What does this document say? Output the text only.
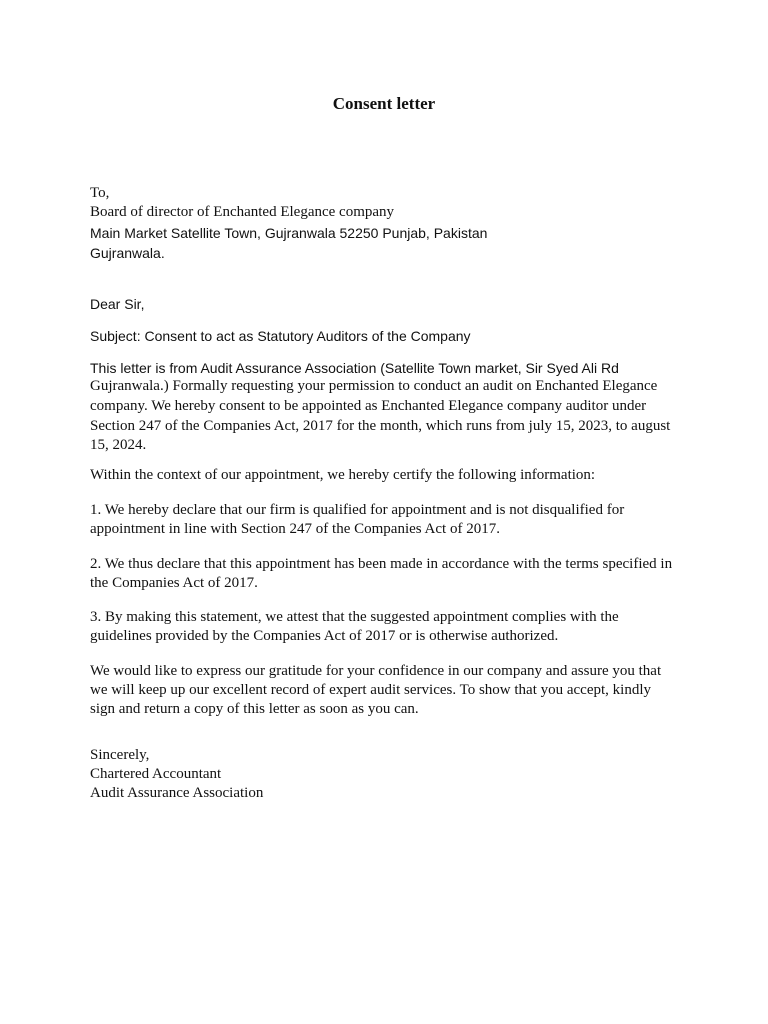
Consent letter
To,
Board of director of Enchanted Elegance company
Main Market Satellite Town, Gujranwala 52250 Punjab, Pakistan
Gujranwala.
Dear Sir,
Subject: Consent to act as Statutory Auditors of the Company
This letter is from Audit Assurance Association (Satellite Town market, Sir Syed Ali Rd
Gujranwala.) Formally requesting your permission to conduct an audit on Enchanted Elegance
company. We hereby consent to be appointed as Enchanted Elegance company auditor under
Section 247 of the Companies Act, 2017 for the month, which runs from july 15, 2023, to august
15, 2024.
Within the context of our appointment, we hereby certify the following information:
1. We hereby declare that our firm is qualified for appointment and is not disqualified for
appointment in line with Section 247 of the Companies Act of 2017.
2. We thus declare that this appointment has been made in accordance with the terms specified in
the Companies Act of 2017.
3. By making this statement, we attest that the suggested appointment complies with the
guidelines provided by the Companies Act of 2017 or is otherwise authorized.
We would like to express our gratitude for your confidence in our company and assure you that
we will keep up our excellent record of expert audit services. To show that you accept, kindly
sign and return a copy of this letter as soon as you can.
Sincerely,
Chartered Accountant
Audit Assurance Association
